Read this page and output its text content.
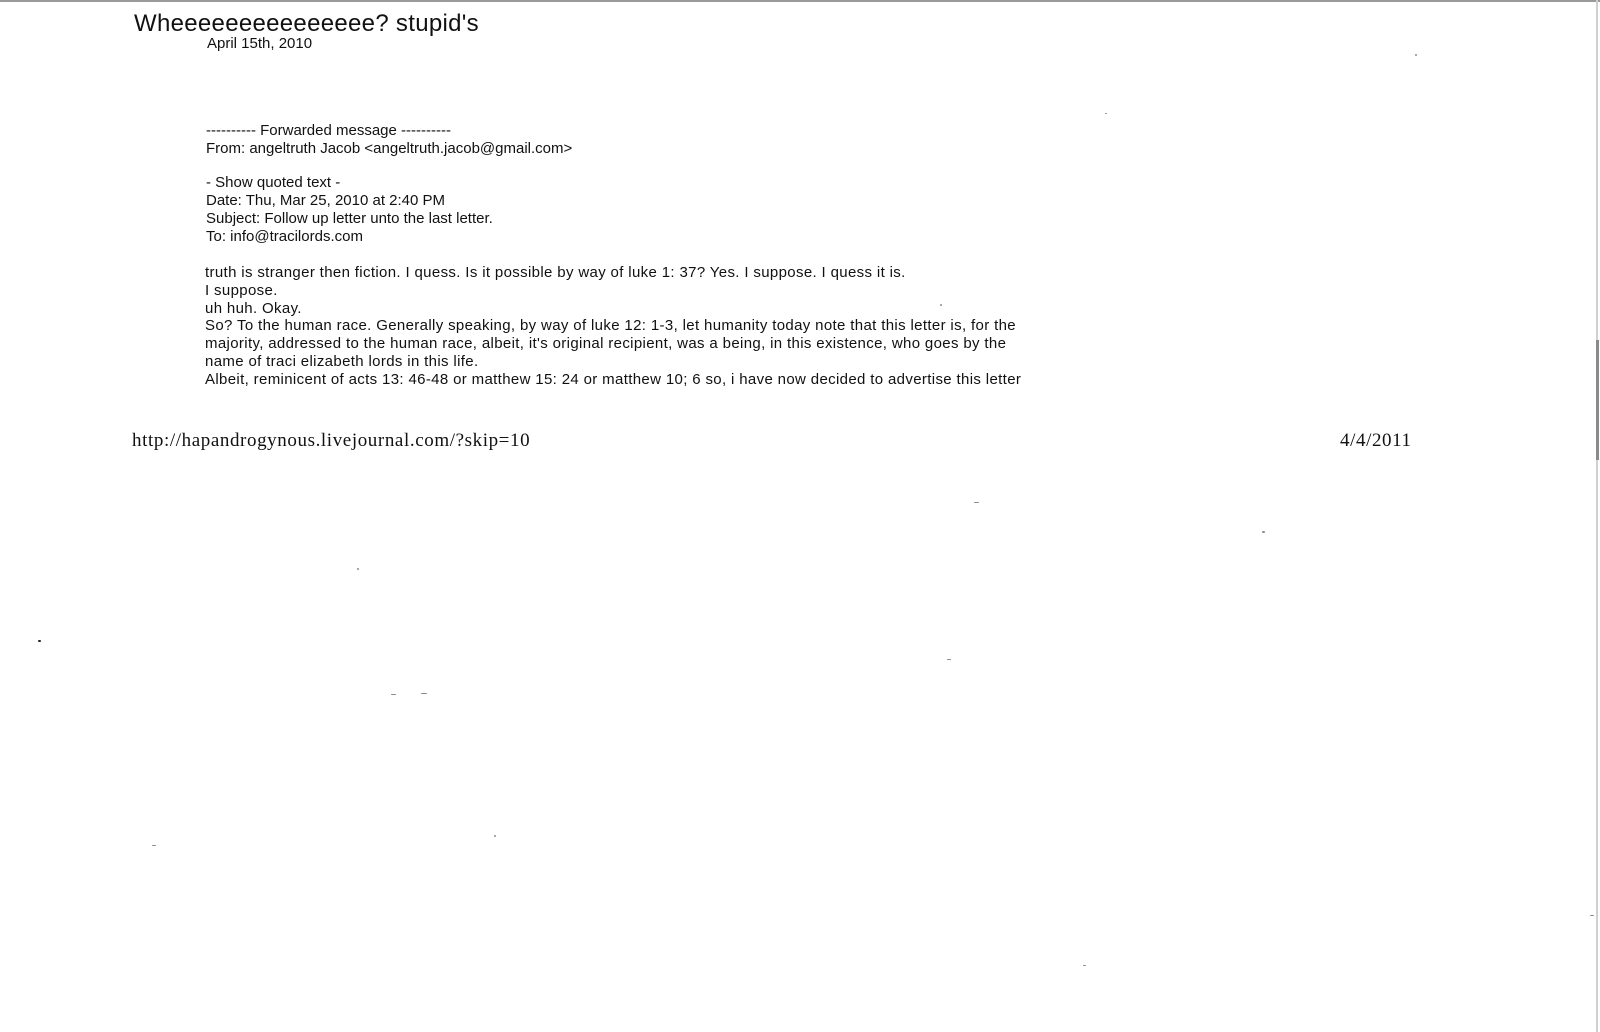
Wheeeeeeeeeeeeeee? stupid's
April 15th, 2010
---------- Forwarded message ----------
From: angeltruth Jacob <angeltruth.jacob@gmail.com>
- Show quoted text -
Date: Thu, Mar 25, 2010 at 2:40 PM
Subject: Follow up letter unto the last letter.
To: info@tracilords.com
truth is stranger then fiction. I quess. Is it possible by way of luke 1: 37? Yes. I suppose. I quess it is.
I suppose.
uh huh. Okay.
So? To the human race. Generally speaking, by way of luke 12: 1-3, let humanity today note that this letter is, for the
majority, addressed to the human race, albeit, it's original recipient, was a being, in this existence, who goes by the
name of traci elizabeth lords in this life.
Albeit, reminicent of acts 13: 46-48 or matthew 15: 24 or matthew 10; 6 so, i have now decided to advertise this letter
http://hapandrogynous.livejournal.com/?skip=10	4/4/2011
